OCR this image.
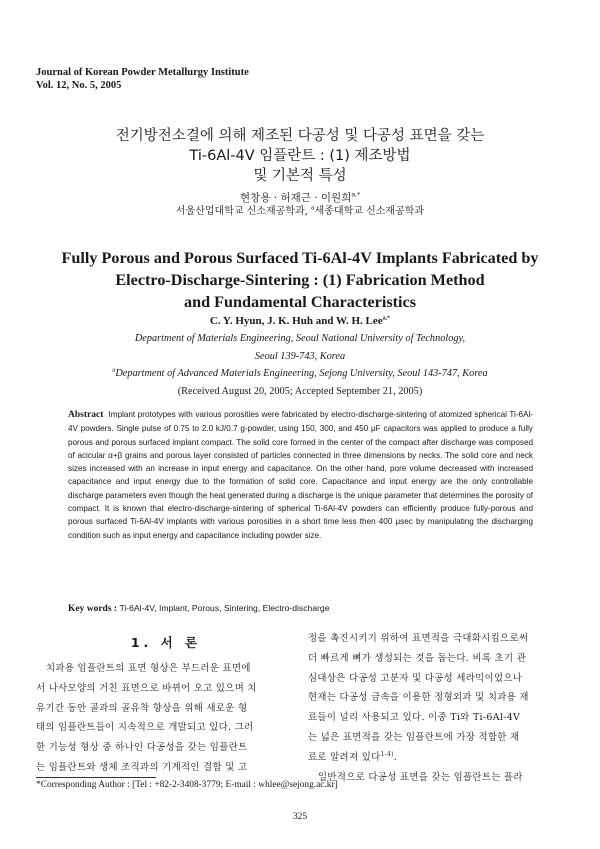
Journal of Korean Powder Metallurgy Institute
Vol. 12, No. 5, 2005
전기방전소결에 의해 제조된 다공성 및 다공성 표면을 갖는
Ti-6Al-4V 임플란트 : (1) 제조방법
및 기본적 특성
현창용 · 허재근 · 이원희$^{a,*}$
서울산업대학교 신소재공학과, $^a$세종대학교 신소재공학과
Fully Porous and Porous Surfaced Ti-6Al-4V Implants Fabricated by
Electro-Discharge-Sintering : (1) Fabrication Method
and Fundamental Characteristics
C. Y. Hyun, J. K. Huh and W. H. Lee$^{a,*}$
Department of Materials Engineering, Seoul National University of Technology,
Seoul 139-743, Korea
$^a$Department of Advanced Materials Engineering, Sejong University, Seoul 143-747, Korea
(Received August 20, 2005; Accepted September 21, 2005)
Abstract Implant prototypes with various porosities were fabricated by electro-discharge-sintering of atomized spherical Ti-6Al-4V powders. Single pulse of 0.75 to 2.0 kJ/0.7 g-powder, using 150, 300, and 450 μF capacitors was applied to produce a fully porous and porous surfaced implant compact. The solid core formed in the center of the compact after discharge was composed of acicular α+β grains and porous layer consisted of particles connected in three dimensions by necks. The solid core and neck sizes increased with an increase in input energy and capacitance. On the other hand, pore volume decreased with increased capacitance and input energy due to the formation of solid core. Capacitance and input energy are the only controllable discharge parameters even though the heat generated during a discharge is the unique parameter that determines the porosity of compact. It is known that electro-discharge-sintering of spherical Ti-6Al-4V powders can efficiently produce fully-porous and porous surfaced Ti-6Al-4V implants with various porosities in a short time less then 400 μsec by manipulating the discharging condition such as input energy and capacitance including powder size.
Key words : Ti-6Al-4V, Implant, Porous, Sintering, Electro-discharge
1. 서 론
치과용 임플란트의 표면 형상은 부드러운 표면에
서 나사모양의 거친 표면으로 바뀌어 오고 있으며 치
유기간 동안 골과의 골유착 향상을 위해 새로운 형
태의 임플란트들이 지속적으로 개발되고 있다. 그러
한 기능성 형상 중 하나인 다공성을 갖는 임플란트
는 임플란트와 생체 조직과의 기계적인 결합 및 고
정을 촉진시키기 위하여 표면적을 극대화시킴으로써
더 빠르게 뼈가 생성되는 것을 돕는다. 비록 초기 관
심대상은 다공성 고분자 및 다공성 세라믹이었으나
현재는 다공성 금속을 이용한 정형외과 및 치과용 재
료들이 널리 사용되고 있다. 이중 Ti와 Ti-6Al-4V
는 넓은 표면적을 갖는 임플란트에 가장 적합한 재
료로 알려져 있다$^{1-4)}$.
일반적으로 다공성 표면을 갖는 임플란트는 플라
*Corresponding Author : [Tel : +82-2-3408-3779; E-mail : whlee@sejong.ac.kr]
325
